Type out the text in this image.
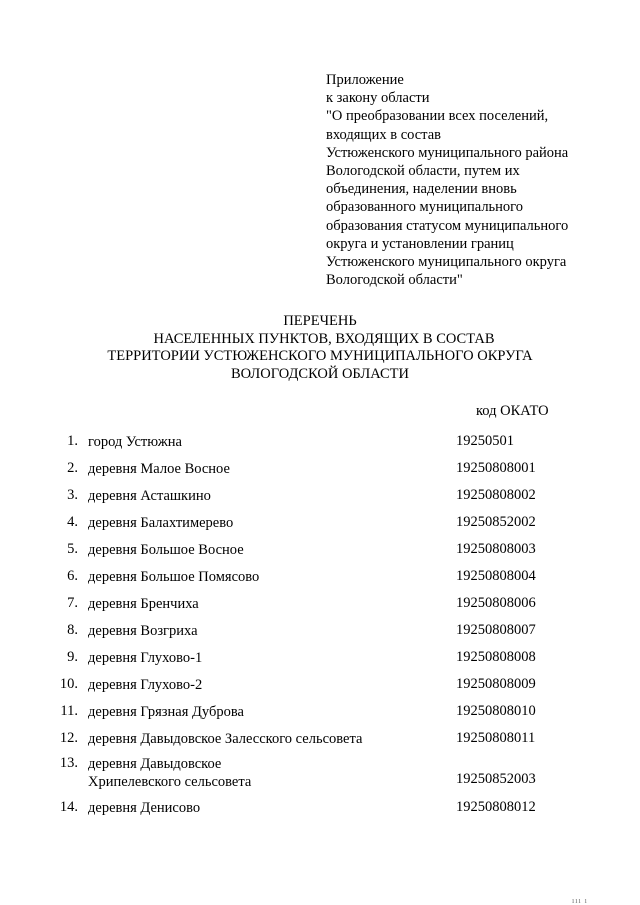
Приложение
к закону области
"О преобразовании всех поселений,
входящих в состав
Устюженского муниципального района
Вологодской области, путем их
объединения, наделении вновь
образованного муниципального
образования статусом муниципального
округа и установлении границ
Устюженского муниципального округа
Вологодской области"
ПЕРЕЧЕНЬ
НАСЕЛЕННЫХ ПУНКТОВ, ВХОДЯЩИХ В СОСТАВ
ТЕРРИТОРИИ УСТЮЖЕНСКОГО МУНИЦИПАЛЬНОГО ОКРУГА
ВОЛОГОДСКОЙ ОБЛАСТИ
код ОКАТО
1. город Устюжна	19250501
2. деревня Малое Восное	19250808001
3. деревня Асташкино	19250808002
4. деревня Балахтимерево	19250852002
5. деревня Большое Восное	19250808003
6. деревня Большое Помясово	19250808004
7. деревня Бренчиха	19250808006
8. деревня Возгриха	19250808007
9. деревня Глухово-1	19250808008
10. деревня Глухово-2	19250808009
11. деревня Грязная Дуброва	19250808010
12. деревня Давыдовское Залесского сельсовета	19250808011
13. деревня Давыдовское
Хрипелевского сельсовета	19250852003
14. деревня Денисово	19250808012
ııı ı
